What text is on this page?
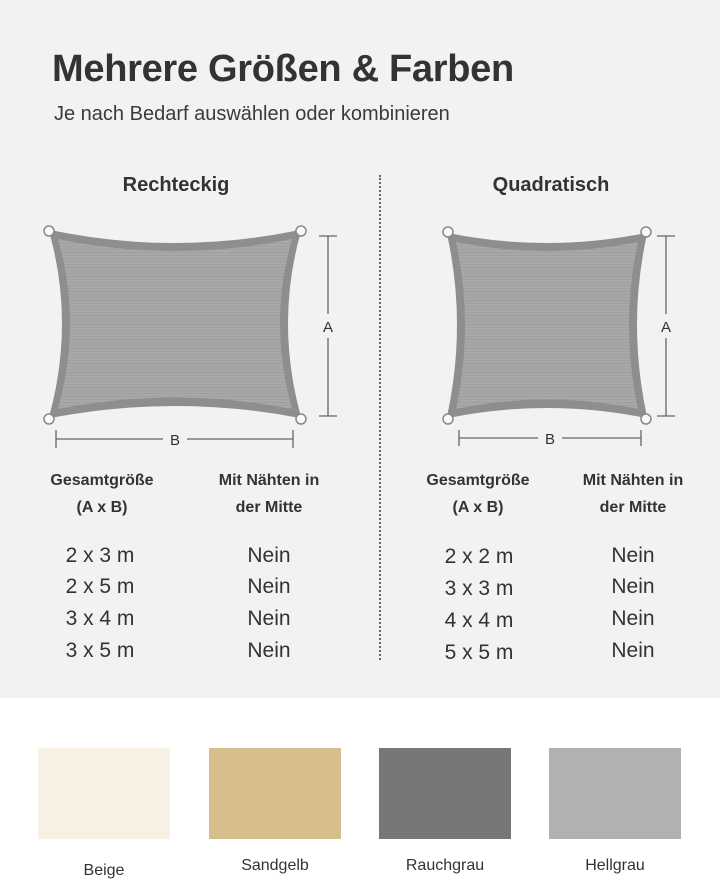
Mehrere Größen & Farben
Je nach Bedarf auswählen oder kombinieren
Rechteckig	Quadratisch
A
B
A
B
Gesamtgröße
(A x B)
Mit Nähten in
der Mitte
2 x 3 m	Nein
2 x 5 m	Nein
3 x 4 m	Nein
3 x 5 m	Nein
Gesamtgröße
(A x B)
Mit Nähten in
der Mitte
2 x 2 m	Nein
3 x 3 m	Nein
4 x 4 m	Nein
5 x 5 m	Nein
Beige	Sandgelb	Rauchgrau	Hellgrau
